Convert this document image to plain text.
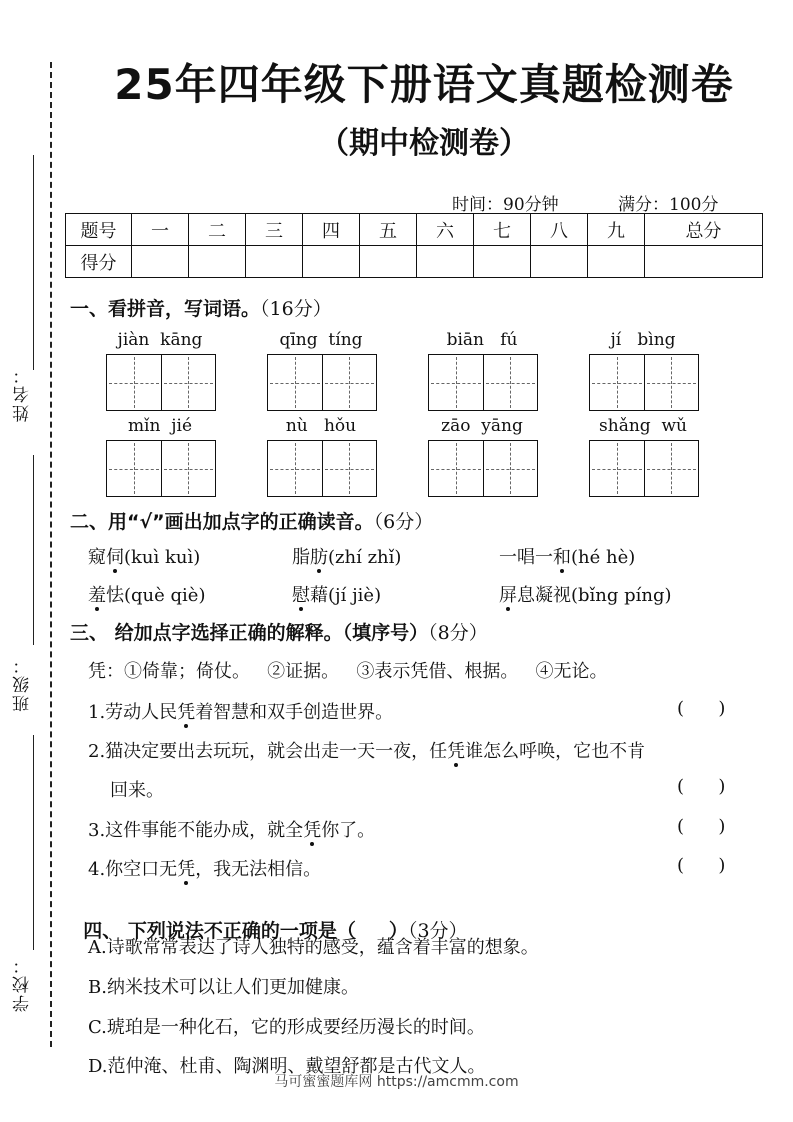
姓名：
班级：
学校：
25年四年级下册语文真题检测卷
（期中检测卷）
时间：90分钟	满分：100分
题号	一	二	三	四	五	六	七	八	九	总分
得分										
一、看拼音，写词语。（16分）
jiàn kāng	qīng tíng	biān fú	jí bìng
mǐn jié	nù hǒu	zāo yāng	shǎng wǔ
二、用“√”画出加点字的正确读音。（6分）
窥伺(kuì kuì)	脂肪(zhí zhǐ)	一唱一和(hé hè)
羞怯(què qiè)	慰藉(jí jiè)	屏息凝视(bǐng píng)
三、 给加点字选择正确的解释。（填序号）（8分）
凭：①倚靠；倚仗。   ②证据。   ③表示凭借、根据。   ④无论。
1.劳动人民凭着智慧和双手创造世界。	(      )
2.猫决定要出去玩玩，就会出走一天一夜，任凭谁怎么呼唤，它也不肯
回来。	(      )
3.这件事能不能办成，就全凭你了。	(      )
4.你空口无凭，我无法相信。	(      )

四、 下列说法不正确的一项是（     ）（3分）

A.诗歌常常表达了诗人独特的感受，蕴含着丰富的想象。
B.纳米技术可以让人们更加健康。
C.琥珀是一种化石，它的形成要经历漫长的时间。
D.范仲淹、杜甫、陶渊明、戴望舒都是古代文人。
马可蜜蜜题库网 https://amcmm.com
